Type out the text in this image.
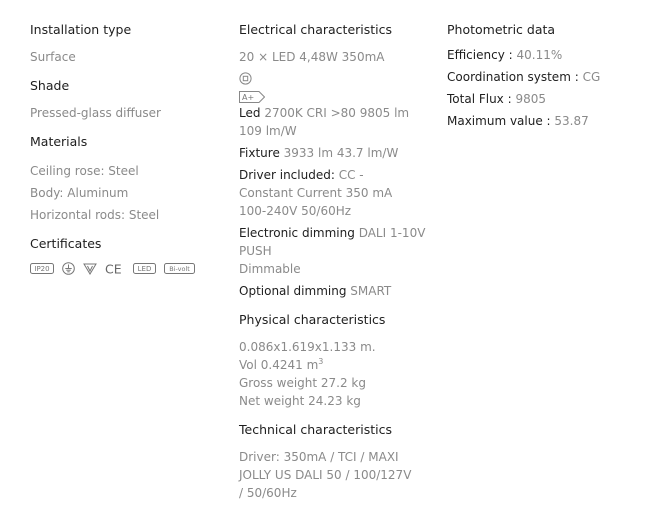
Installation type
Surface
Shade
Pressed-glass diffuser
Materials
Ceiling rose: Steel
Body: Aluminum
Horizontal rods: Steel
Certificates
IP20	CE LED	Bi-volt
Electrical characteristics
20 × LED 4,48W 350mA
A+
Led 2700K CRI >80 9805 lm
109 lm/W
Fixture 3933 lm 43.7 lm/W
Driver included: CC -
Constant Current 350 mA
100-240V 50/60Hz
Electronic dimming DALI 1-10V
PUSH
Dimmable
Optional dimming SMART
Physical characteristics
0.086x1.619x1.133 m.
Vol 0.4241 $m^3$
Gross weight 27.2 kg
Net weight 24.23 kg
Technical characteristics
Driver: 350mA / TCI / MAXI
JOLLY US DALI 50 / 100/127V
/ 50/60Hz
Photometric data
Efficiency : 40.11%
Coordination system : CG
Total Flux : 9805
Maximum value : 53.87
